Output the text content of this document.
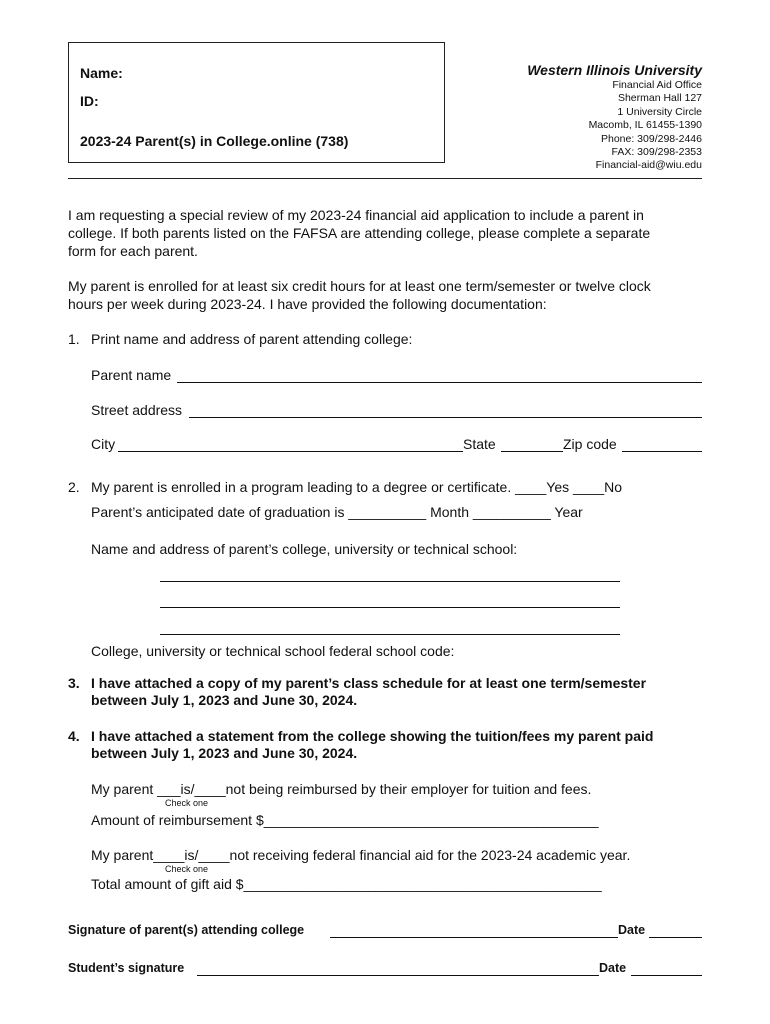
Name:
ID:
2023-24 Parent(s) in College.online (738)
Western Illinois University
Financial Aid Office
Sherman Hall 127
1 University Circle
Macomb, IL 61455-1390
Phone: 309/298-2446
FAX: 309/298-2353
Financial-aid@wiu.edu
I am requesting a special review of my 2023-24 financial aid application to include a parent in
college. If both parents listed on the FAFSA are attending college, please complete a separate
form for each parent.
My parent is enrolled for at least six credit hours for at least one term/semester or twelve clock
hours per week during 2023-24. I have provided the following documentation:
1. Print name and address of parent attending college:
Parent name
Street address
City	State	Zip code
2. My parent is enrolled in a program leading to a degree or certificate. ____Yes ____No
Parent’s anticipated date of graduation is __________ Month __________ Year
Name and address of parent’s college, university or technical school:
College, university or technical school federal school code:
3. I have attached a copy of my parent’s class schedule for at least one term/semester
between July 1, 2023 and June 30, 2024.
4. I have attached a statement from the college showing the tuition/fees my parent paid
between July 1, 2023 and June 30, 2024.
My parent ___is/____not being reimbursed by their employer for tuition and fees.
Check one
Amount of reimbursement $___________________________________________
My parent____is/____not receiving federal financial aid for the 2023-24 academic year.
Check one
Total amount of gift aid $______________________________________________
Signature of parent(s) attending college	Date
Student’s signature	Date
